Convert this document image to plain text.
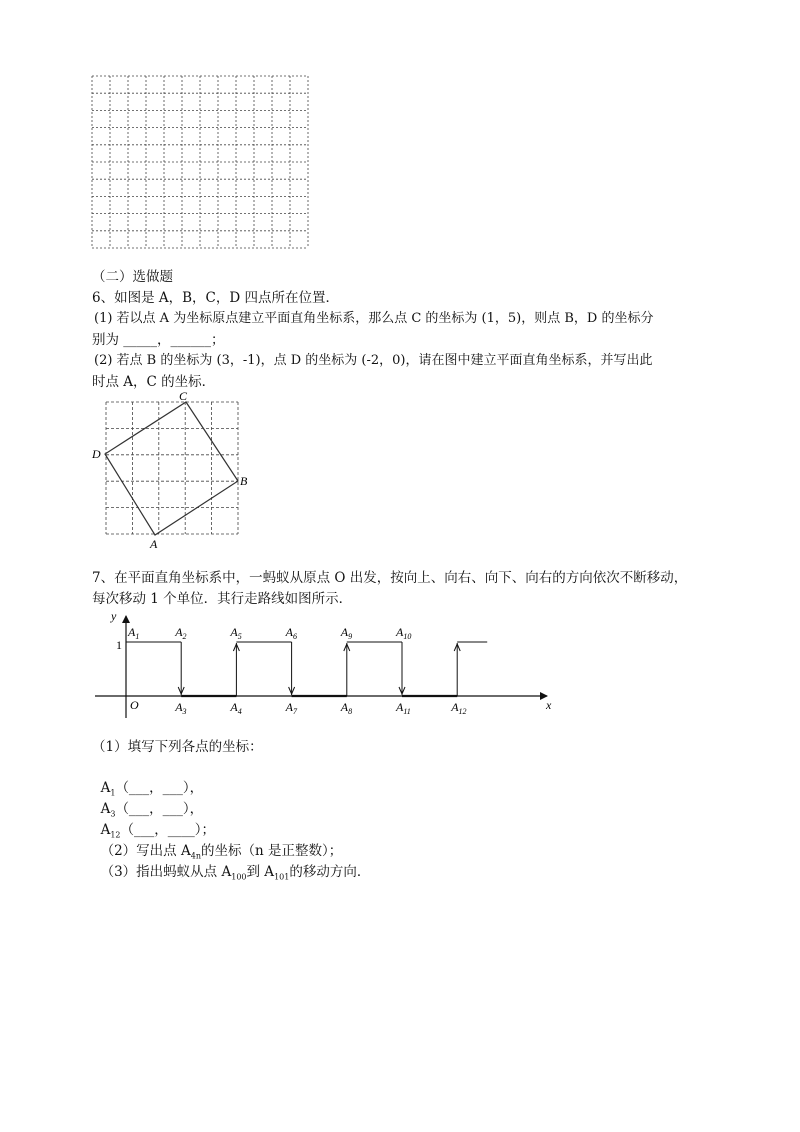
（二）选做题
6、如图是 A，B，C，D 四点所在位置．
(1) 若以点 A 为坐标原点建立平面直角坐标系，那么点 C 的坐标为 (1，5)，则点 B，D 的坐标分
别为 _____，______；
(2) 若点 B 的坐标为 (3，-1)，点 D 的坐标为 (-2，0)，请在图中建立平面直角坐标系，并写出此
时点 A，C 的坐标．
C
B
A
D
7、在平面直角坐标系中，一蚂蚁从原点 O 出发，按向上、向右、向下、向右的方向依次不断移动，
每次移动 1 个单位．其行走路线如图所示．
x
y
O
1
$A_1$	$A_2$	$A_5$	$A_6$	$A_9$	$A_{10}$
$A_3$	$A_4$	$A_7$	$A_8$	$A_{11}$	$A_{12}$
（1）填写下列各点的坐标：

$A_1(\_\_\_$，___），

$A_3(\_\_\_$，___），

$A_{12}(\_\_\_$，____）；

（2）写出点 $A_{4n}$的坐标（n 是正整数）；

（3）指出蚂蚁从点 $A_{100}$到 $A_{101}$的移动方向．
